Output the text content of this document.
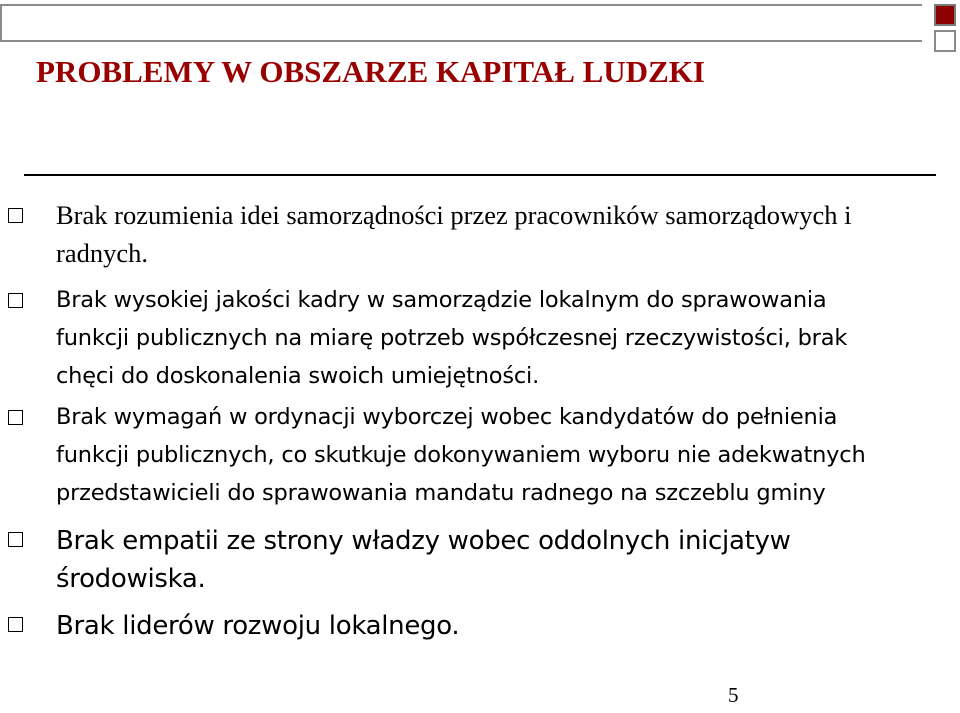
PROBLEMY W OBSZARZE KAPITAŁ LUDZKI
Brak rozumienia idei samorządności przez pracowników samorządowych i radnych.
Brak wysokiej jakości kadry w samorządzie lokalnym do sprawowania funkcji publicznych na miarę potrzeb współczesnej rzeczywistości, brak chęci do doskonalenia swoich umiejętności.
Brak wymagań w ordynacji wyborczej wobec kandydatów do pełnienia funkcji publicznych, co skutkuje dokonywaniem wyboru nie adekwatnych przedstawicieli do sprawowania mandatu radnego na szczeblu gminy
Brak empatii ze strony władzy wobec oddolnych inicjatyw środowiska.
Brak liderów rozwoju lokalnego.
5
